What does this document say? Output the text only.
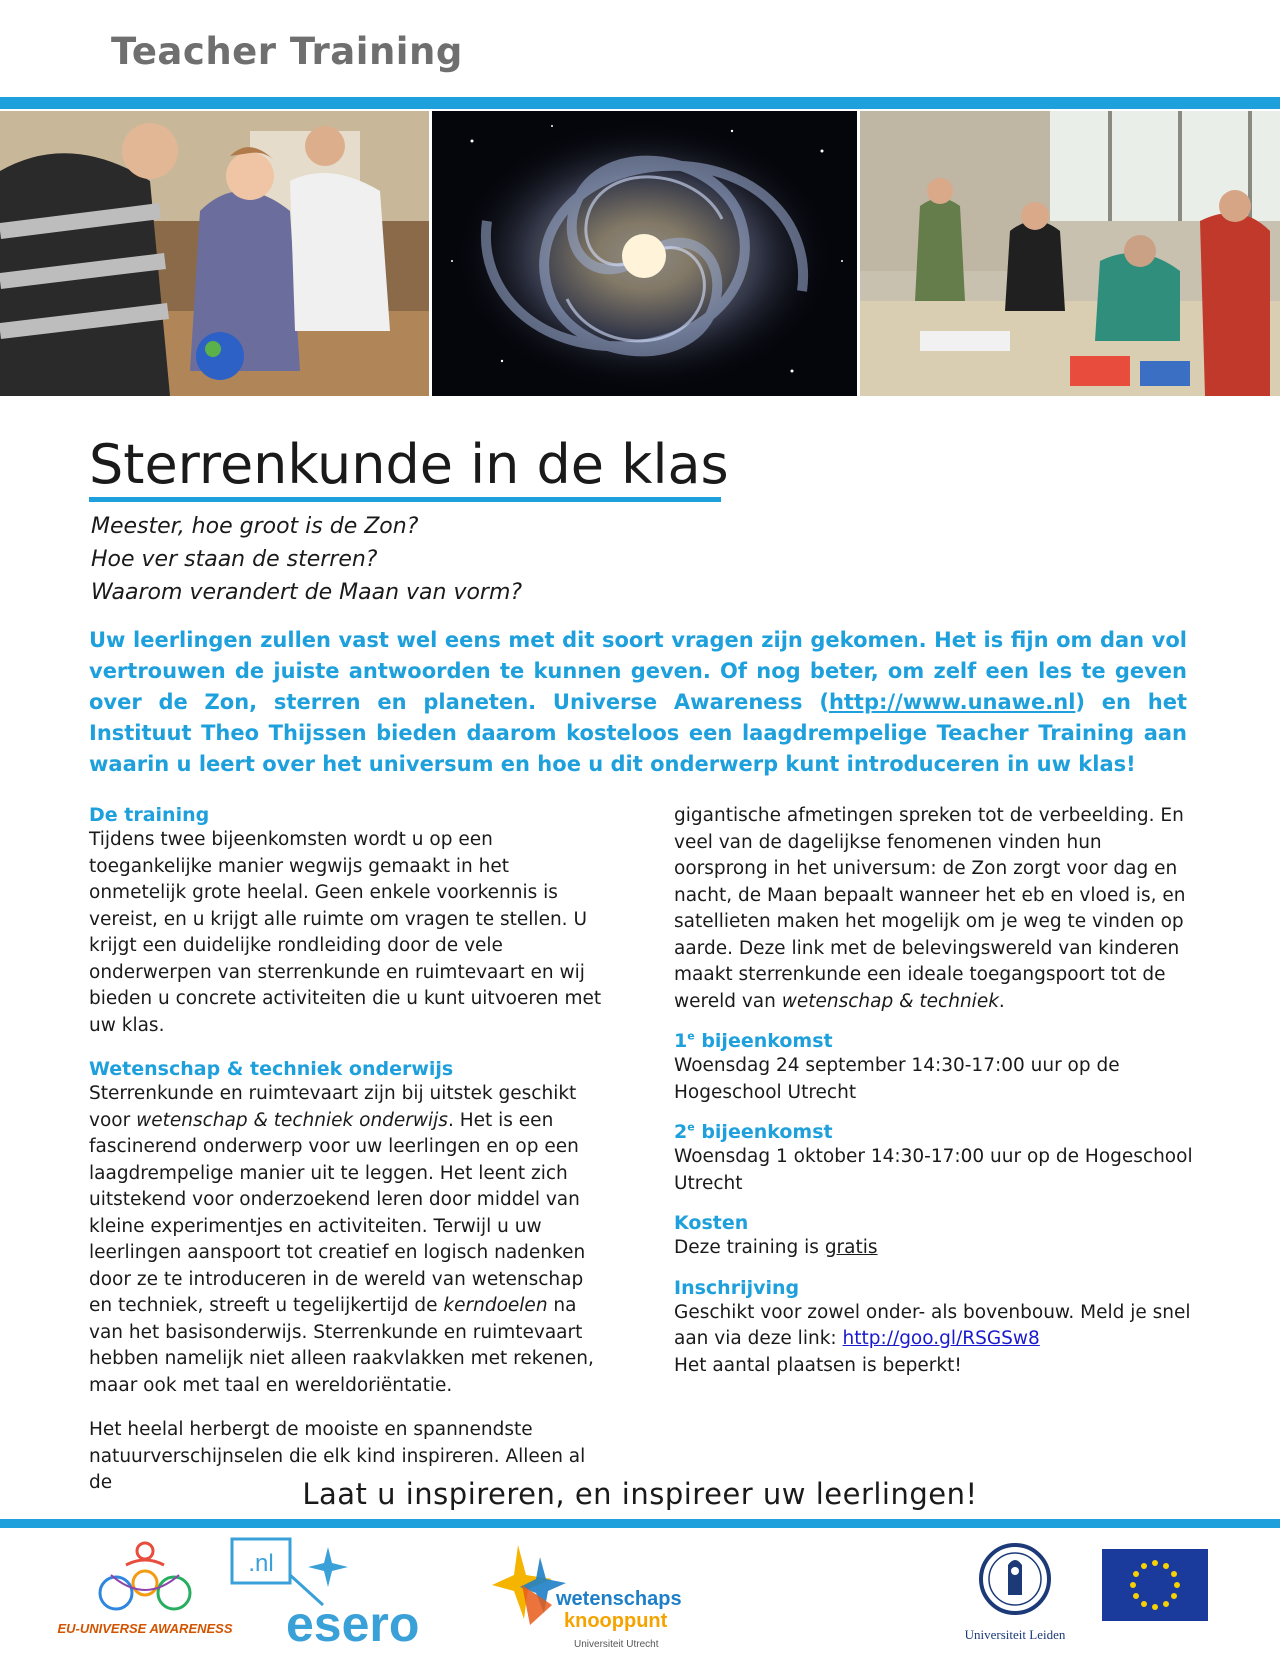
Teacher Training
Sterrenkunde in de klas
Meester, hoe groot is de Zon?
Hoe ver staan de sterren?
Waarom verandert de Maan van vorm?
Uw leerlingen zullen vast wel eens met dit soort vragen zijn gekomen. Het is fijn om dan vol vertrouwen de juiste antwoorden te kunnen geven. Of nog beter, om zelf een les te geven over de Zon, sterren en planeten. Universe Awareness (http://www.unawe.nl) en het Instituut Theo Thijssen bieden daarom kosteloos een laagdrempelige Teacher Training aan waarin u leert over het universum en hoe u dit onderwerp kunt introduceren in uw klas!
De training
Tijdens twee bijeenkomsten wordt u op een toegankelijke manier wegwijs gemaakt in het onmetelijk grote heelal. Geen enkele voorkennis is vereist, en u krijgt alle ruimte om vragen te stellen. U krijgt een duidelijke rondleiding door de vele onderwerpen van sterrenkunde en ruimtevaart en wij bieden u concrete activiteiten die u kunt uitvoeren met uw klas.
Wetenschap & techniek onderwijs
Sterrenkunde en ruimtevaart zijn bij uitstek geschikt voor wetenschap & techniek onderwijs. Het is een fascinerend onderwerp voor uw leerlingen en op een laagdrempelige manier uit te leggen. Het leent zich uitstekend voor onderzoekend leren door middel van kleine experimentjes en activiteiten. Terwijl u uw leerlingen aanspoort tot creatief en logisch nadenken door ze te introduceren in de wereld van wetenschap en techniek, streeft u tegelijkertijd de kerndoelen na van het basisonderwijs. Sterrenkunde en ruimtevaart hebben namelijk niet alleen raakvlakken met rekenen, maar ook met taal en wereldoriëntatie.
Het heelal herbergt de mooiste en spannendste natuurverschijnselen die elk kind inspireren. Alleen al de
gigantische afmetingen spreken tot de verbeelding. En veel van de dagelijkse fenomenen vinden hun oorsprong in het universum: de Zon zorgt voor dag en nacht, de Maan bepaalt wanneer het eb en vloed is, en satellieten maken het mogelijk om je weg te vinden op aarde. Deze link met de belevingswereld van kinderen maakt sterrenkunde een ideale toegangspoort tot de wereld van wetenschap & techniek.
1e bijeenkomst
Woensdag 24 september 14:30-17:00 uur op de Hogeschool Utrecht
2e bijeenkomst
Woensdag 1 oktober 14:30-17:00 uur op de Hogeschool Utrecht
Kosten
Deze training is gratis
Inschrijving
Geschikt voor zowel onder- als bovenbouw. Meld je snel aan via deze link: http://goo.gl/RSGSw8
Het aantal plaatsen is beperkt!
Laat u inspireren, en inspireer uw leerlingen!
EU-UNIVERSE AWARENESS
.nl
esero	wetenschaps
knooppunt
Universiteit Utrecht
Universiteit Leiden
